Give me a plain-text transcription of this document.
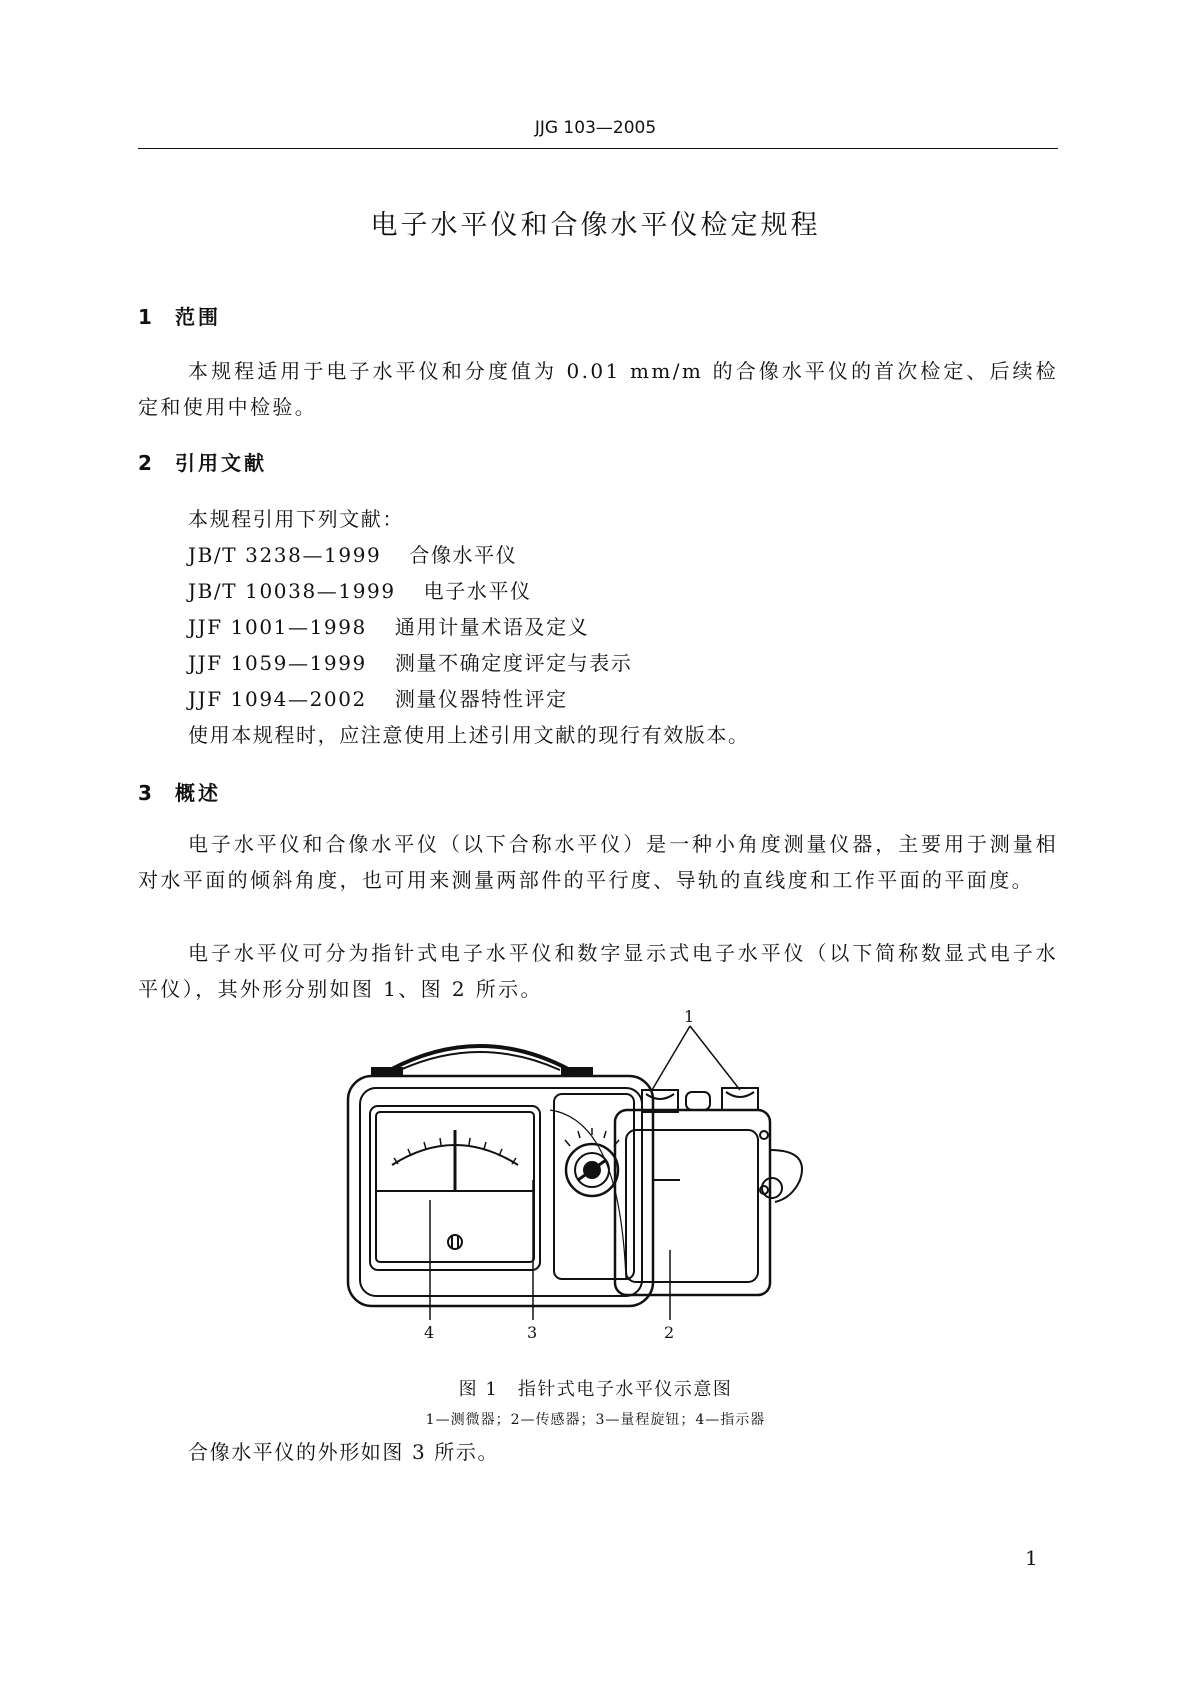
JJG 103—2005
电子水平仪和合像水平仪检定规程
1 范围
本规程适用于电子水平仪和分度值为 0.01 mm/m 的合像水平仪的首次检定、后续检定和使用中检验。
2 引用文献
本规程引用下列文献：
JB/T 3238—1999 合像水平仪
JB/T 10038—1999 电子水平仪
JJF 1001—1998 通用计量术语及定义
JJF 1059—1999 测量不确定度评定与表示
JJF 1094—2002 测量仪器特性评定
使用本规程时，应注意使用上述引用文献的现行有效版本。
3 概述
电子水平仪和合像水平仪（以下合称水平仪）是一种小角度测量仪器，主要用于测量相对水平面的倾斜角度，也可用来测量两部件的平行度、导轨的直线度和工作平面的平面度。
电子水平仪可分为指针式电子水平仪和数字显示式电子水平仪（以下简称数显式电子水平仪），其外形分别如图 1、图 2 所示。
1
2
3
4
图 1　指针式电子水平仪示意图
1—测微器；2—传感器；3—量程旋钮；4—指示器
合像水平仪的外形如图 3 所示。
1
